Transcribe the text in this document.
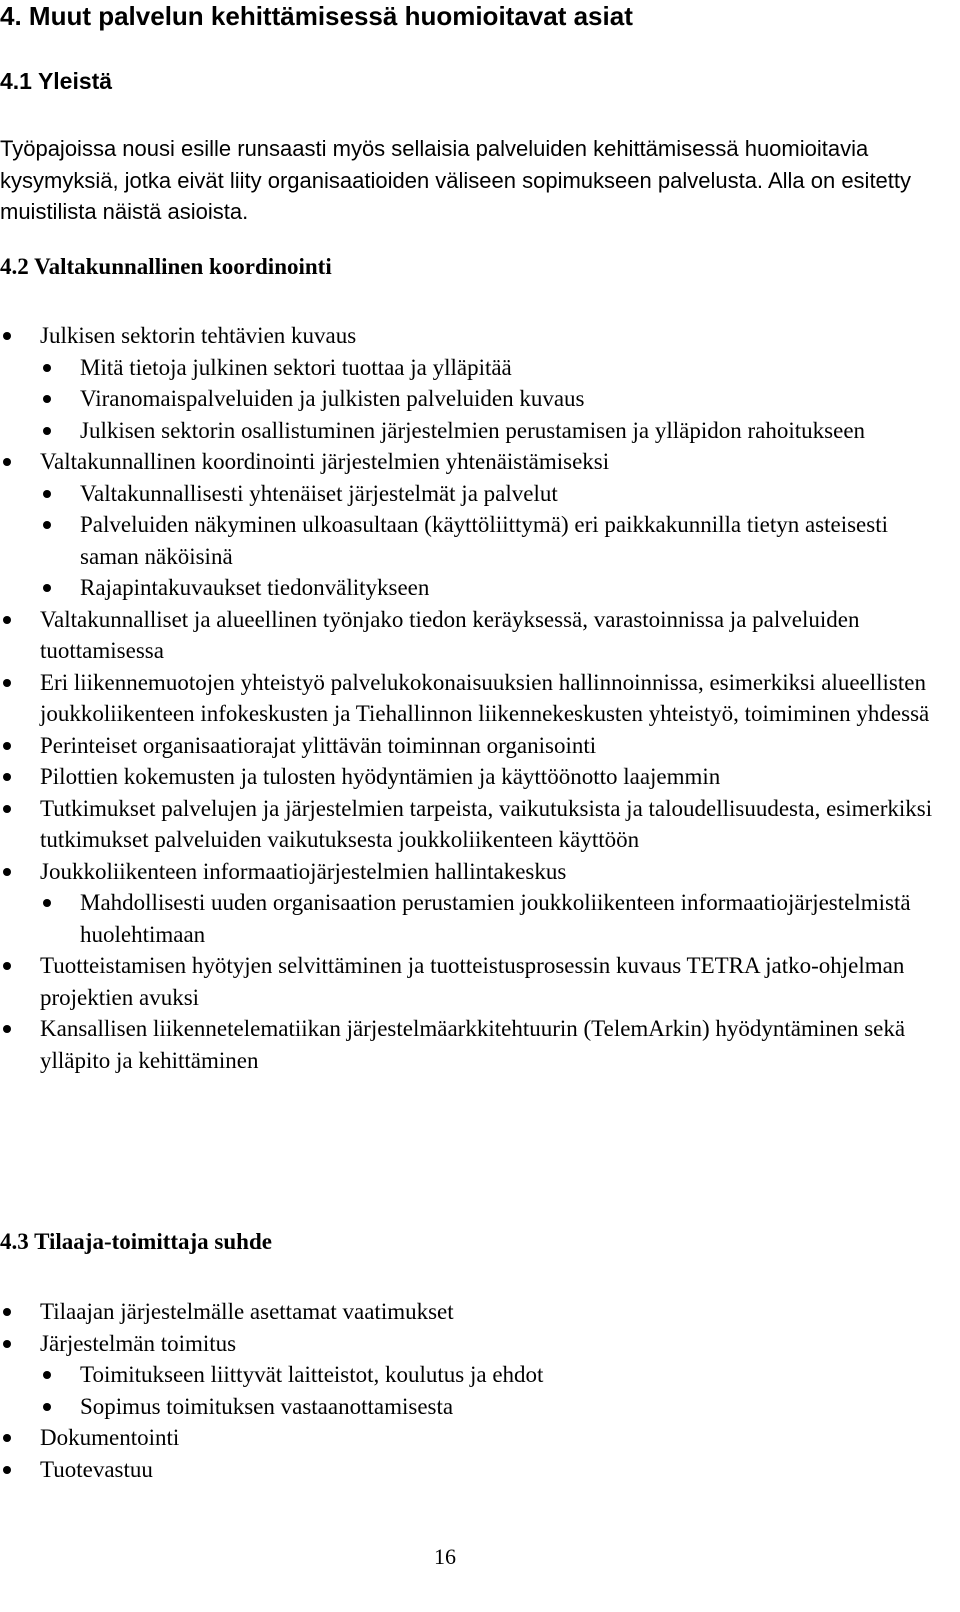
4. Muut palvelun kehittämisessä huomioitavat asiat
4.1 Yleistä

Työpajoissa nousi esille runsaasti myös sellaisia palveluiden kehittämisessä huomioitavia kysymyksiä, jotka eivät liity organisaatioiden väliseen sopimukseen palvelusta. Alla on esitetty muistilista näistä asioista.

4.2 Valtakunnallinen koordinointi
Julkisen sektorin tehtävien kuvaus
Mitä tietoja julkinen sektori tuottaa ja ylläpitää
Viranomaispalveluiden ja julkisten palveluiden kuvaus
Julkisen sektorin osallistuminen järjestelmien perustamisen ja ylläpidon rahoitukseen
Valtakunnallinen koordinointi järjestelmien yhtenäistämiseksi
Valtakunnallisesti yhtenäiset järjestelmät ja palvelut
Palveluiden näkyminen ulkoasultaan (käyttöliittymä) eri paikkakunnilla tietyn asteisesti saman näköisinä
Rajapintakuvaukset tiedonvälitykseen
Valtakunnalliset ja alueellinen työnjako tiedon keräyksessä, varastoinnissa ja palveluiden tuottamisessa
Eri liikennemuotojen yhteistyö palvelukokonaisuuksien hallinnoinnissa, esimerkiksi alueellisten joukkoliikenteen infokeskusten ja Tiehallinnon liikennekeskusten yhteistyö, toimiminen yhdessä
Perinteiset organisaatiorajat ylittävän toiminnan organisointi
Pilottien kokemusten ja tulosten hyödyntämien ja käyttöönotto laajemmin
Tutkimukset palvelujen ja järjestelmien tarpeista, vaikutuksista ja taloudellisuudesta, esimerkiksi tutkimukset palveluiden vaikutuksesta joukkoliikenteen käyttöön
Joukkoliikenteen informaatiojärjestelmien hallintakeskus
Mahdollisesti uuden organisaation perustamien joukkoliikenteen informaatiojärjestelmistä huolehtimaan
Tuotteistamisen hyötyjen selvittäminen ja tuotteistusprosessin kuvaus TETRA jatko-ohjelman projektien avuksi
Kansallisen liikennetelematiikan järjestelmäarkkitehtuurin (TelemArkin) hyödyntäminen sekä ylläpito ja kehittäminen
4.3 Tilaaja-toimittaja suhde
Tilaajan järjestelmälle asettamat vaatimukset
Järjestelmän toimitus
Toimitukseen liittyvät laitteistot, koulutus ja ehdot
Sopimus toimituksen vastaanottamisesta
Dokumentointi
Tuotevastuu
16
